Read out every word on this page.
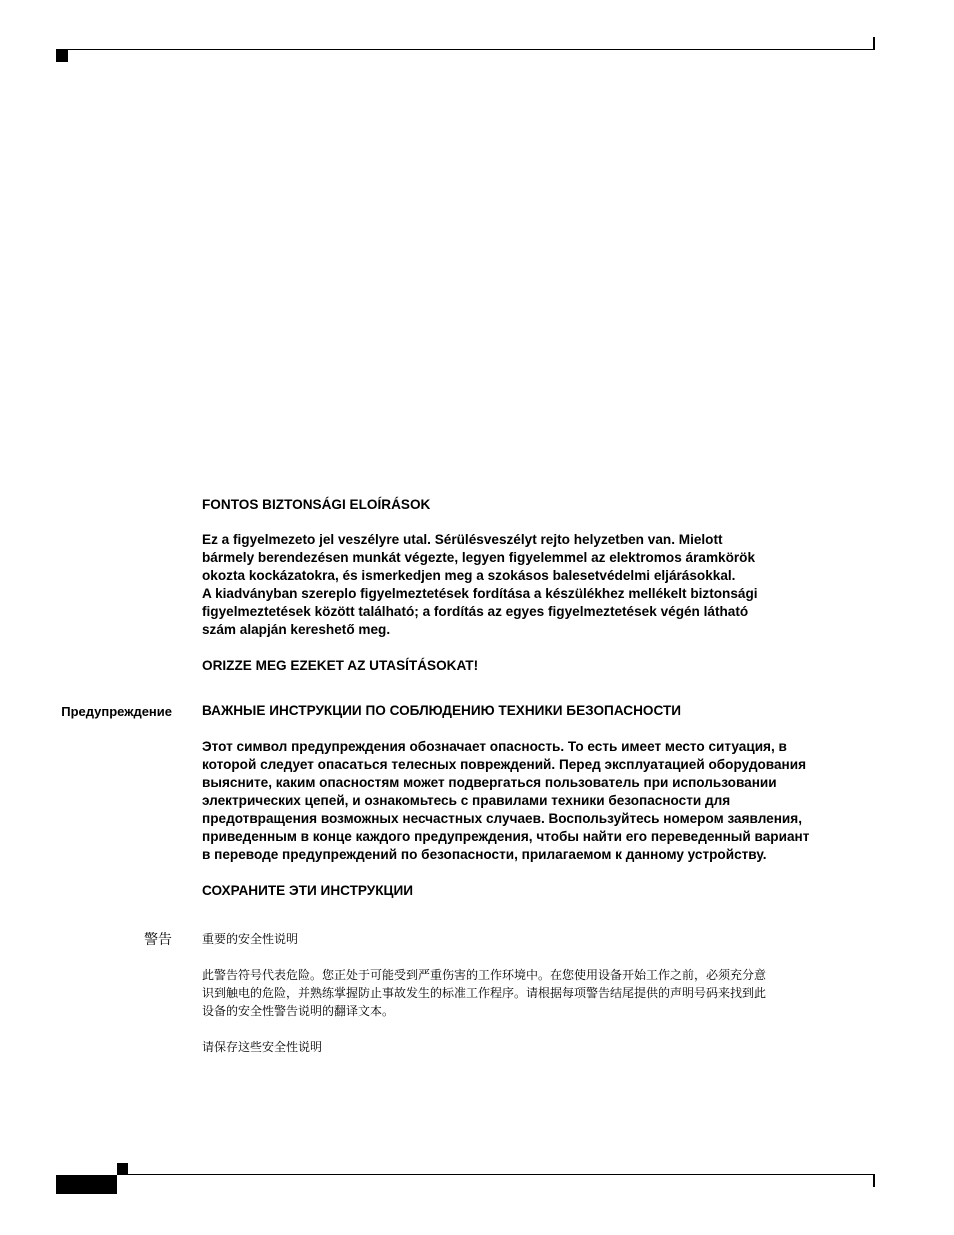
FONTOS BIZTONSÁGI ELOÍRÁSOK
Ez a figyelmezeto jel veszélyre utal. Sérülésveszélyt rejto helyzetben van. Mielott
bármely berendezésen munkát végezte, legyen figyelemmel az elektromos áramkörök
okozta kockázatokra, és ismerkedjen meg a szokásos balesetvédelmi eljárásokkal.
A kiadványban szereplo figyelmeztetések fordítása a készülékhez mellékelt biztonsági
figyelmeztetések között található; a fordítás az egyes figyelmeztetések végén látható
szám alapján kereshető meg.
ORIZZE MEG EZEKET AZ UTASÍTÁSOKAT!
Предупреждение ВАЖНЫЕ ИНСТРУКЦИИ ПО СОБЛЮДЕНИЮ ТЕХНИКИ БЕЗОПАСНОСТИ
Этот символ предупреждения обозначает опасность. То есть имеет место ситуация, в
которой следует опасаться телесных повреждений. Перед эксплуатацией оборудования
выясните, каким опасностям может подвергаться пользователь при использовании
электрических цепей, и ознакомьтесь с правилами техники безопасности для
предотвращения возможных несчастных случаев. Воспользуйтесь номером заявления,
приведенным в конце каждого предупреждения, чтобы найти его переведенный вариант
в переводе предупреждений по безопасности, прилагаемом к данному устройству.
СОХРАНИТЕ ЭТИ ИНСТРУКЦИИ
警告	重要的安全性说明
此警告符号代表危险。您正处于可能受到严重伤害的工作环境中。在您使用设备开始工作之前，必须充分意
识到触电的危险，并熟练掌握防止事故发生的标准工作程序。请根据每项警告结尾提供的声明号码来找到此
设备的安全性警告说明的翻译文本。
请保存这些安全性说明
